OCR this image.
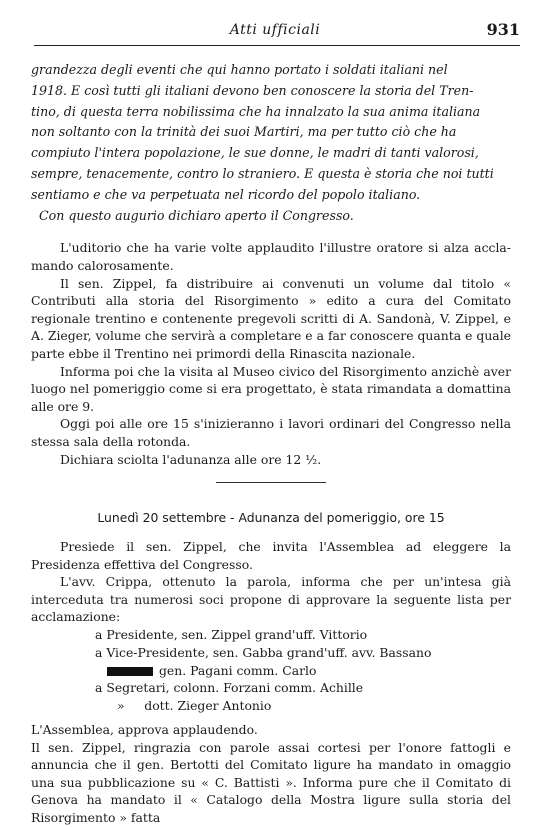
Atti ufficiali	931

grandezza degli eventi che qui hanno portato i soldati italiani nel

1918. E così tutti gli italiani devono ben conoscere la storia del Tren-

tino, di questa terra nobilissima che ha innalzato la sua anima italiana

non soltanto con la trinità dei suoi Martiri, ma per tutto ciò che ha

compiuto l'intera popolazione, le sue donne, le madri di tanti valorosi,

sempre, tenacemente, contro lo straniero. E questa è storia che noi tutti

sentiamo e che va perpetuata nel ricordo del popolo italiano.

Con questo augurio dichiaro aperto il Congresso.

L'uditorio che ha varie volte applaudito l'illustre oratore si alza accla-mando calorosamente.

Il sen. Zippel, fa distribuire ai convenuti un volume dal titolo « Contributi alla storia del Risorgimento » edito a cura del Comitato regionale trentino e contenente pregevoli scritti di A. Sandonà, V. Zippel, e A. Zieger, volume che servirà a completare e a far conoscere quanta e quale parte ebbe il Trentino nei primordi della Rinascita nazionale.

Informa poi che la visita al Museo civico del Risorgimento anzichè aver luogo nel pomeriggio come si era progettato, è stata rimandata a domattina alle ore 9.

Oggi poi alle ore 15 s'inizieranno i lavori ordinari del Congresso nella stessa sala della rotonda.

Dichiara sciolta l'adunanza alle ore 12 ½.

Lunedì 20 settembre - Adunanza del pomeriggio, ore 15

Presiede il sen. Zippel, che invita l'Assemblea ad eleggere la Presidenza effettiva del Congresso.

L'avv. Crippa, ottenuto la parola, informa che per un'intesa già interceduta tra numerosi soci propone di approvare la seguente lista per acclamazione:

a Presidente, sen. Zippel grand'uff. Vittorio
a Vice-Presidente, sen. Gabba grand'uff. avv. Bassano
gen. Pagani comm. Carlo
a Segretari, colonn. Forzani comm. Achille
»     dott. Zieger Antonio

L'Assemblea, approva applaudendo.

Il sen. Zippel, ringrazia con parole assai cortesi per l'onore fattogli e annuncia che il gen. Bertotti del Comitato ligure ha mandato in omaggio una sua pubblicazione su « C. Battisti ». Informa pure che il Comitato di Genova ha mandato il « Catalogo della Mostra ligure sulla storia del Risorgimento » fatta
